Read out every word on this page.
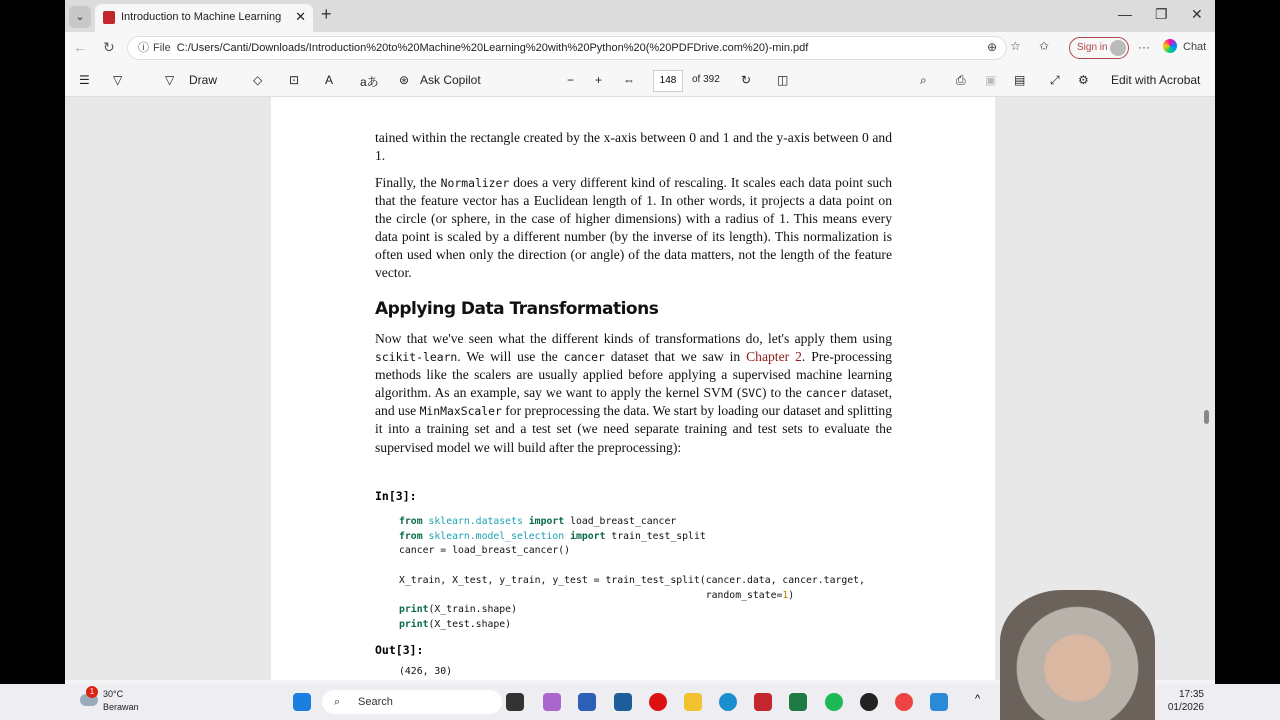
⌄	Introduction to Machine Learning ✕ +	— ❐ ✕
← ↻	ⓘ File C:/Users/Canti/Downloads/Introduction%20to%20Machine%20Learning%20with%20Python%20(%20PDFDrive.com%20)-min.pdf	⊕ ☆ ✩	Sign in	···	Chat
☰ ▽	▽ Draw	◇ ⊡ A aあ ⊛ Ask Copilot	− + ⇔	148	of 392 ↻ ◫	⌕ ⎙ ▣ ▤ ⤢ ⚙ Edit with Acrobat
tained within the rectangle created by the x-axis between 0 and 1 and the y-axis between 0 and 1.
Finally, the Normalizer does a very different kind of rescaling. It scales each data point such that the feature vector has a Euclidean length of 1. In other words, it projects a data point on the circle (or sphere, in the case of higher dimensions) with a radius of 1. This means every data point is scaled by a different number (by the inverse of its length). This normalization is often used when only the direction (or angle) of the data matters, not the length of the feature vector.
Applying Data Transformations
Now that we've seen what the different kinds of transformations do, let's apply them using scikit-learn. We will use the cancer dataset that we saw in Chapter 2. Pre-processing methods like the scalers are usually applied before applying a supervised machine learning algorithm. As an example, say we want to apply the kernel SVM (SVC) to the cancer dataset, and use MinMaxScaler for preprocessing the data. We start by loading our dataset and splitting it into a training set and a test set (we need separate training and test sets to evaluate the supervised model we will build after the preprocessing):
In[3]:
from sklearn.datasets import load_breast_cancer
from sklearn.model_selection import train_test_split
cancer = load_breast_cancer()

X_train, X_test, y_train, y_test = train_test_split(cancer.data, cancer.target,
random_state=1)
print(X_train.shape)
print(X_test.shape)
Out[3]:
(426, 30)
1 30°C
Berawan	⌕ Search	^	17:35
01/2026
